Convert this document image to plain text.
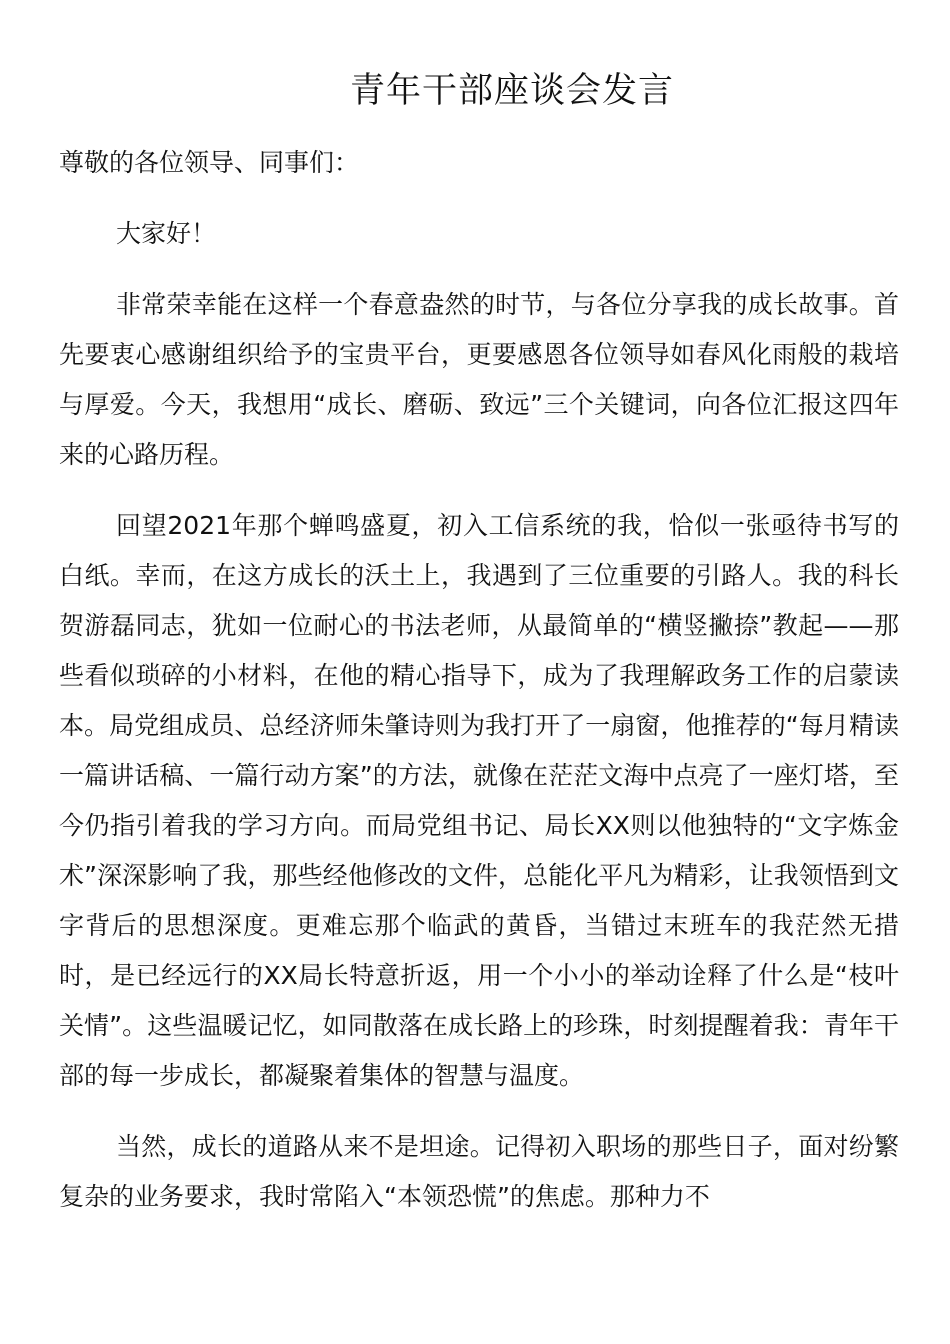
青年干部座谈会发言

尊敬的各位领导、同事们：

大家好！

非常荣幸能在这样一个春意盎然的时节，与各位分享我的成长故事。首先要衷心感谢组织给予的宝贵平台，更要感恩各位领导如春风化雨般的栽培与厚爱。今天，我想用“成长、磨砺、致远”三个关键词，向各位汇报这四年来的心路历程。

回望2021年那个蝉鸣盛夏，初入工信系统的我，恰似一张亟待书写的白纸。幸而，在这方成长的沃土上，我遇到了三位重要的引路人。我的科长贺游磊同志，犹如一位耐心的书法老师，从最简单的“横竖撇捺”教起——那些看似琐碎的小材料，在他的精心指导下，成为了我理解政务工作的启蒙读本。局党组成员、总经济师朱肇诗则为我打开了一扇窗，他推荐的“每月精读一篇讲话稿、一篇行动方案”的方法，就像在茫茫文海中点亮了一座灯塔，至今仍指引着我的学习方向。而局党组书记、局长XX则以他独特的“文字炼金术”深深影响了我，那些经他修改的文件，总能化平凡为精彩，让我领悟到文字背后的思想深度。更难忘那个临武的黄昏，当错过末班车的我茫然无措时，是已经远行的XX局长特意折返，用一个小小的举动诠释了什么是“枝叶关情”。这些温暖记忆，如同散落在成长路上的珍珠，时刻提醒着我：青年干部的每一步成长，都凝聚着集体的智慧与温度。

当然，成长的道路从来不是坦途。记得初入职场的那些日子，面对纷繁复杂的业务要求，我时常陷入“本领恐慌”的焦虑。那种力不
